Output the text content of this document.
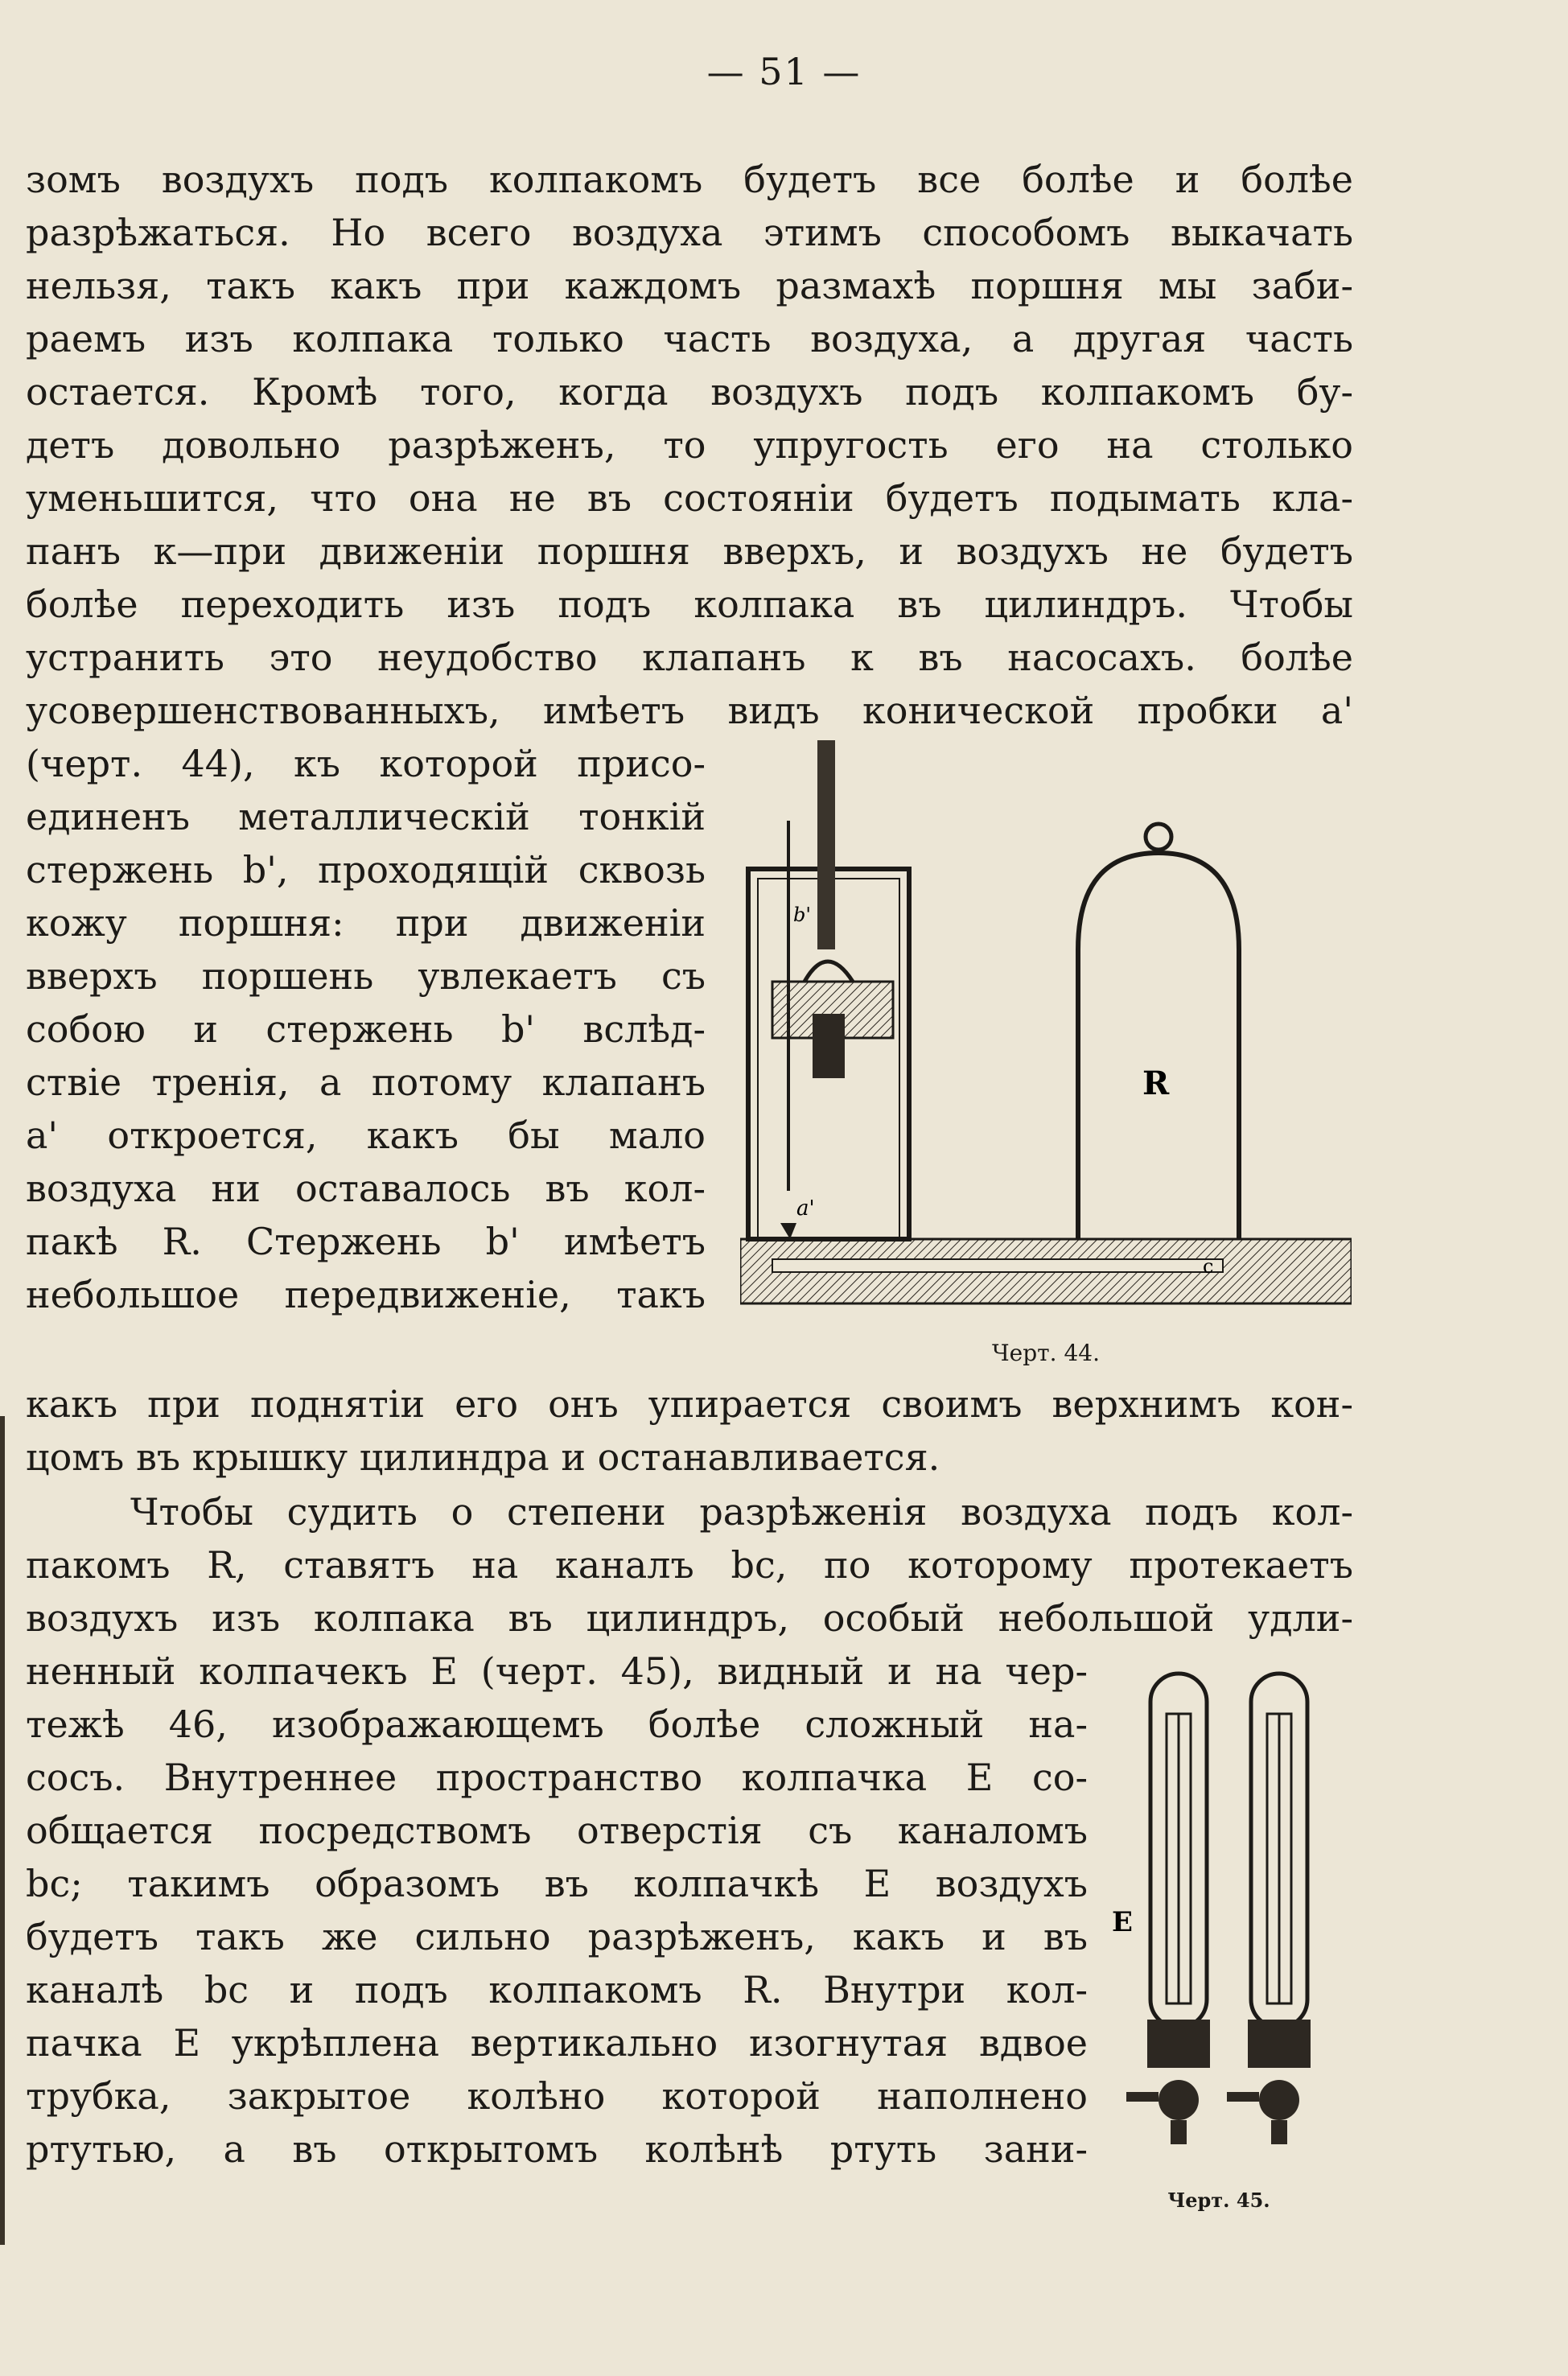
— 51 —
зомъ воздухъ подъ колпакомъ будетъ все болѣе и болѣе
разрѣжаться. Но всего воздуха этимъ способомъ выкачать
нельзя, такъ какъ при каждомъ размахѣ поршня мы заби-
раемъ изъ колпака только часть воздуха, а другая часть
остается. Кромѣ того, когда воздухъ подъ колпакомъ бу-
детъ довольно разрѣженъ, то упругость его на столько
уменьшится, что она не въ состояніи будетъ подымать кла-
панъ к—при движеніи поршня вверхъ, и воздухъ не будетъ
болѣе переходить изъ подъ колпака въ цилиндръ. Чтобы
устранить это неудобство клапанъ к въ насосахъ. болѣе
усовершенствованныхъ, имѣетъ видъ конической пробки а'
(черт. 44), къ которой присо-
единенъ металлическій тонкій
стержень b', проходящій сквозь
кожу поршня: при движеніи
вверхъ поршень увлекаетъ съ
собою и стержень b' вслѣд-
ствіе тренія, а потому клапанъ
а' откроется, какъ бы мало
воздуха ни оставалось въ кол-
пакѣ R. Стержень b' имѣетъ
небольшое передвиженіе, такъ
R
a'
b'
c
Черт. 44.
какъ при поднятіи его онъ упирается своимъ верхнимъ кон-
цомъ въ крышку цилиндра и останавливается.
Чтобы судить о степени разрѣженія воздуха подъ кол-
пакомъ R, ставятъ на каналъ bc, по которому протекаетъ
воздухъ изъ колпака въ цилиндръ, особый небольшой удли-
ненный колпачекъ Е (черт. 45), видный и на чер-
тежѣ 46, изображающемъ болѣе сложный на-
сосъ. Внутреннее пространство колпачка Е со-
общается посредствомъ отверстія съ каналомъ
bc; такимъ образомъ въ колпачкѣ Е воздухъ
будетъ такъ же сильно разрѣженъ, какъ и въ
каналѣ bc и подъ колпакомъ R. Внутри кол-
пачка Е укрѣплена вертикально изогнутая вдвое
трубка, закрытое колѣно которой наполнено
ртутью, а въ открытомъ колѣнѣ ртуть зани-
E
Черт. 45.
